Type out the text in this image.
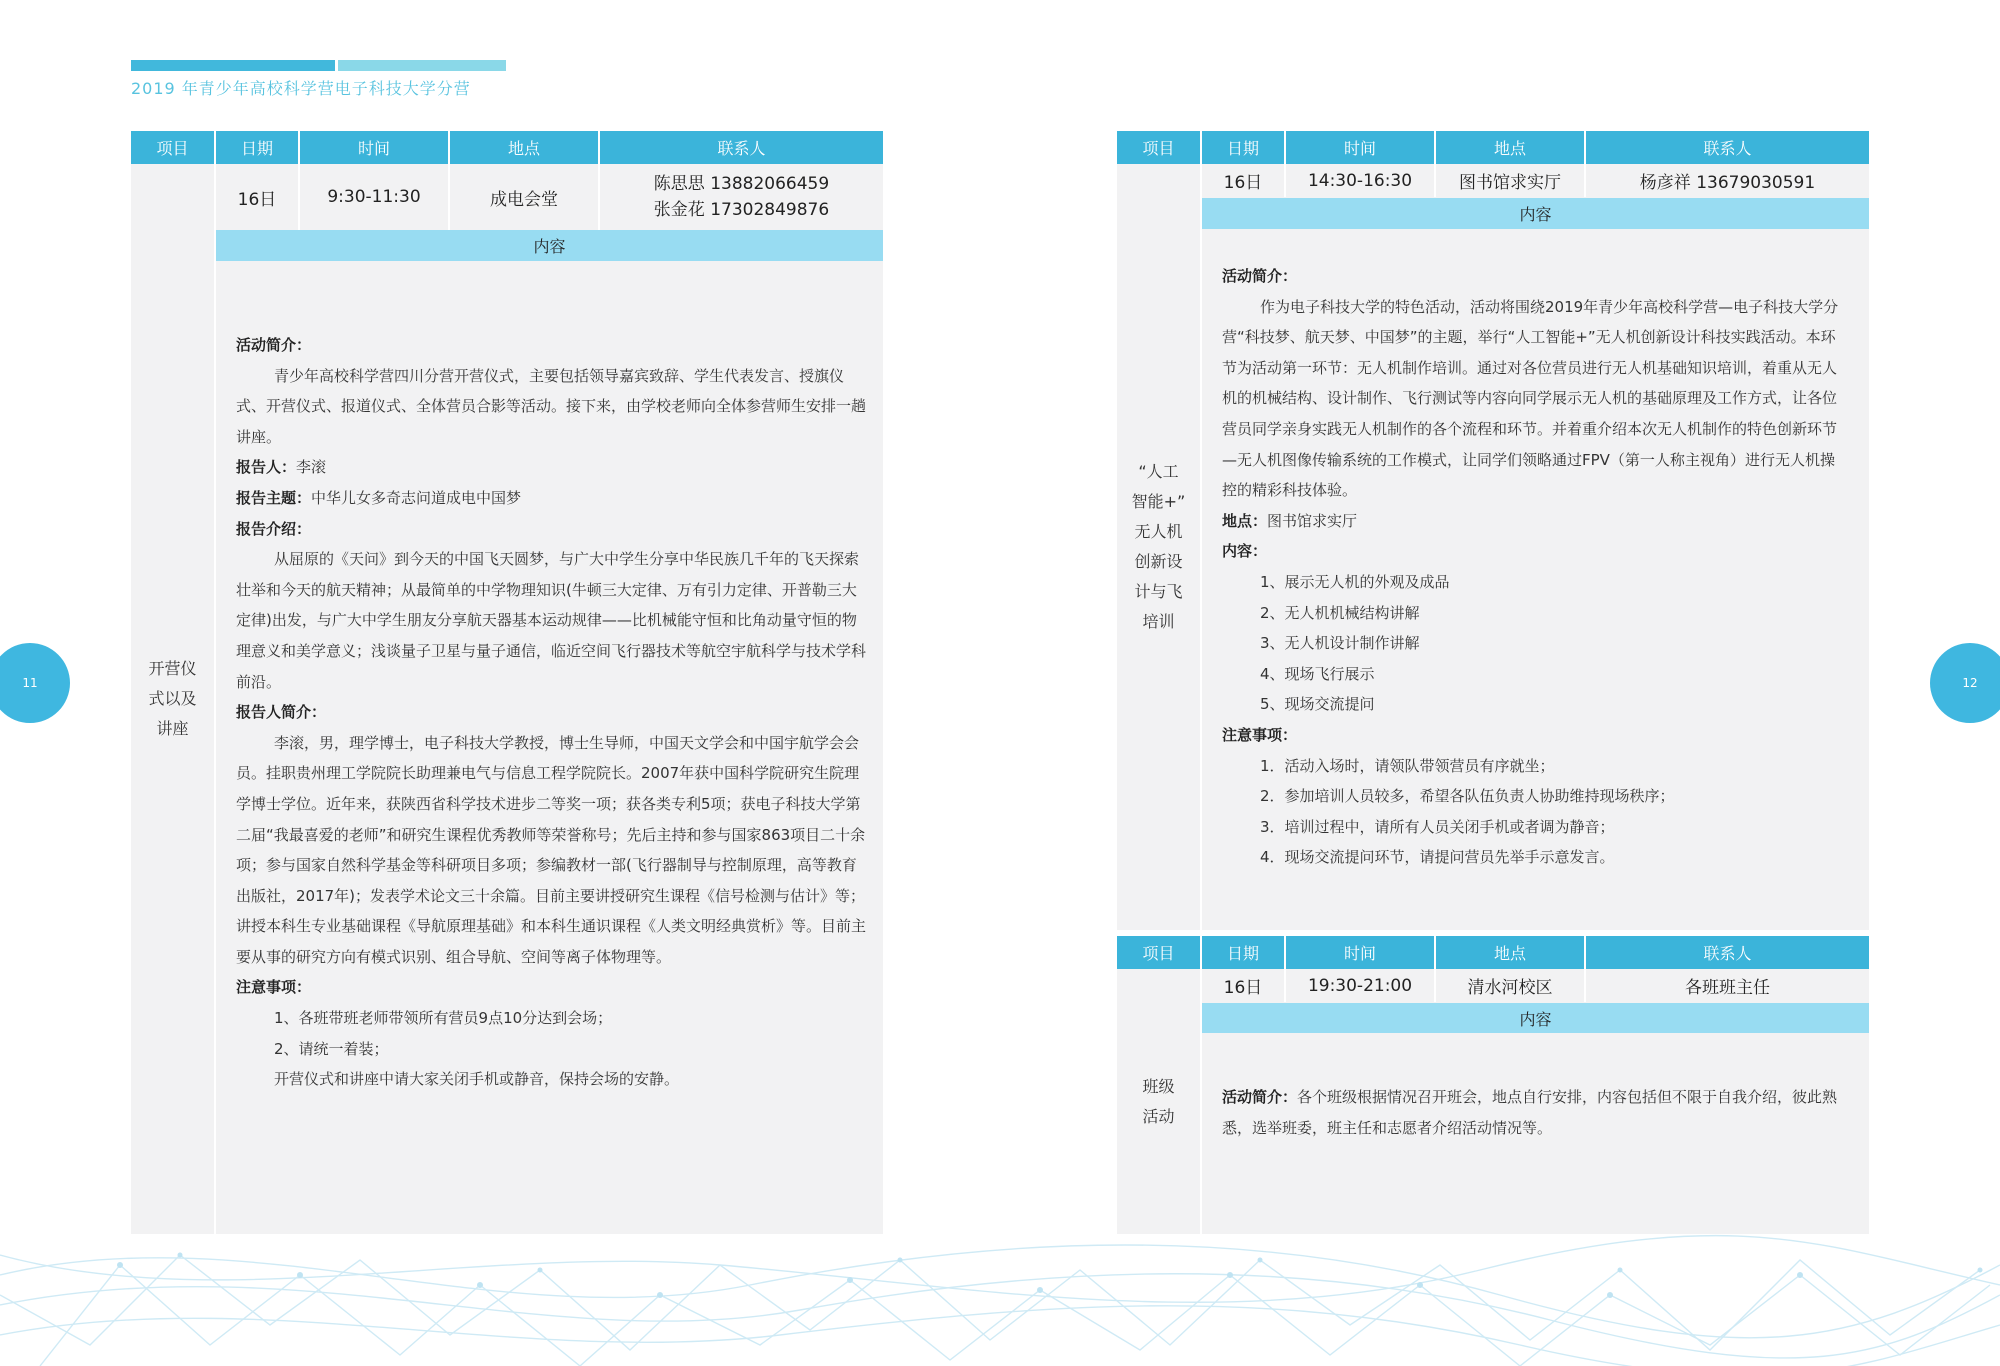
2019 年青少年高校科学营电子科技大学分营
11	12
项目	日期	时间	地点	联系人
开营仪
式以及
讲座
16日	9:30-11:30	成电会堂
陈思思 13882066459
张金花 17302849876
内容

活动简介：

青少年高校科学营四川分营开营仪式，主要包括领导嘉宾致辞、学生代表发言、授旗仪式、开营仪式、报道仪式、全体营员合影等活动。接下来，由学校老师向全体参营师生安排一趟讲座。

报告人：李滚

报告主题：中华儿女多奇志问道成电中国梦

报告介绍：

从屈原的《天问》到今天的中国飞天圆梦，与广大中学生分享中华民族几千年的飞天探索壮举和今天的航天精神；从最简单的中学物理知识(牛顿三大定律、万有引力定律、开普勒三大定律)出发，与广大中学生朋友分享航天器基本运动规律——比机械能守恒和比角动量守恒的物理意义和美学意义；浅谈量子卫星与量子通信，临近空间飞行器技术等航空宇航科学与技术学科前沿。

报告人简介：

李滚，男，理学博士，电子科技大学教授，博士生导师，中国天文学会和中国宇航学会会员。挂职贵州理工学院院长助理兼电气与信息工程学院院长。2007年获中国科学院研究生院理学博士学位。近年来，获陕西省科学技术进步二等奖一项；获各类专利5项；获电子科技大学第二届“我最喜爱的老师”和研究生课程优秀教师等荣誉称号；先后主持和参与国家863项目二十余项；参与国家自然科学基金等科研项目多项；参编教材一部(飞行器制导与控制原理，高等教育出版社，2017年)；发表学术论文三十余篇。目前主要讲授研究生课程《信号检测与估计》等；讲授本科生专业基础课程《导航原理基础》和本科生通识课程《人类文明经典赏析》等。目前主要从事的研究方向有模式识别、组合导航、空间等离子体物理等。

注意事项：

1、各班带班老师带领所有营员9点10分达到会场；

2、请统一着装；

开营仪式和讲座中请大家关闭手机或静音，保持会场的安静。

项目	日期	时间	地点	联系人
“人工
智能+”
无人机
创新设
计与飞
培训
16日	14:30-16:30	图书馆求实厅	杨彦祥 13679030591
内容

活动简介：

作为电子科技大学的特色活动，活动将围绕2019年青少年高校科学营—电子科技大学分营“科技梦、航天梦、中国梦”的主题，举行“人工智能+”无人机创新设计科技实践活动。本环节为活动第一环节：无人机制作培训。通过对各位营员进行无人机基础知识培训，着重从无人机的机械结构、设计制作、飞行测试等内容向同学展示无人机的基础原理及工作方式，让各位营员同学亲身实践无人机制作的各个流程和环节。并着重介绍本次无人机制作的特色创新环节—无人机图像传输系统的工作模式，让同学们领略通过FPV（第一人称主视角）进行无人机操控的精彩科技体验。

地点：图书馆求实厅

内容：

1、展示无人机的外观及成品

2、无人机机械结构讲解

3、无人机设计制作讲解

4、现场飞行展示

5、现场交流提问

注意事项：

1．活动入场时，请领队带领营员有序就坐；

2．参加培训人员较多，希望各队伍负责人协助维持现场秩序；

3．培训过程中，请所有人员关闭手机或者调为静音；

4．现场交流提问环节，请提问营员先举手示意发言。

项目	日期	时间	地点	联系人
班级
活动
16日	19:30-21:00	清水河校区	各班班主任
内容

活动简介：各个班级根据情况召开班会，地点自行安排，内容包括但不限于自我介绍，彼此熟悉，选举班委，班主任和志愿者介绍活动情况等。
